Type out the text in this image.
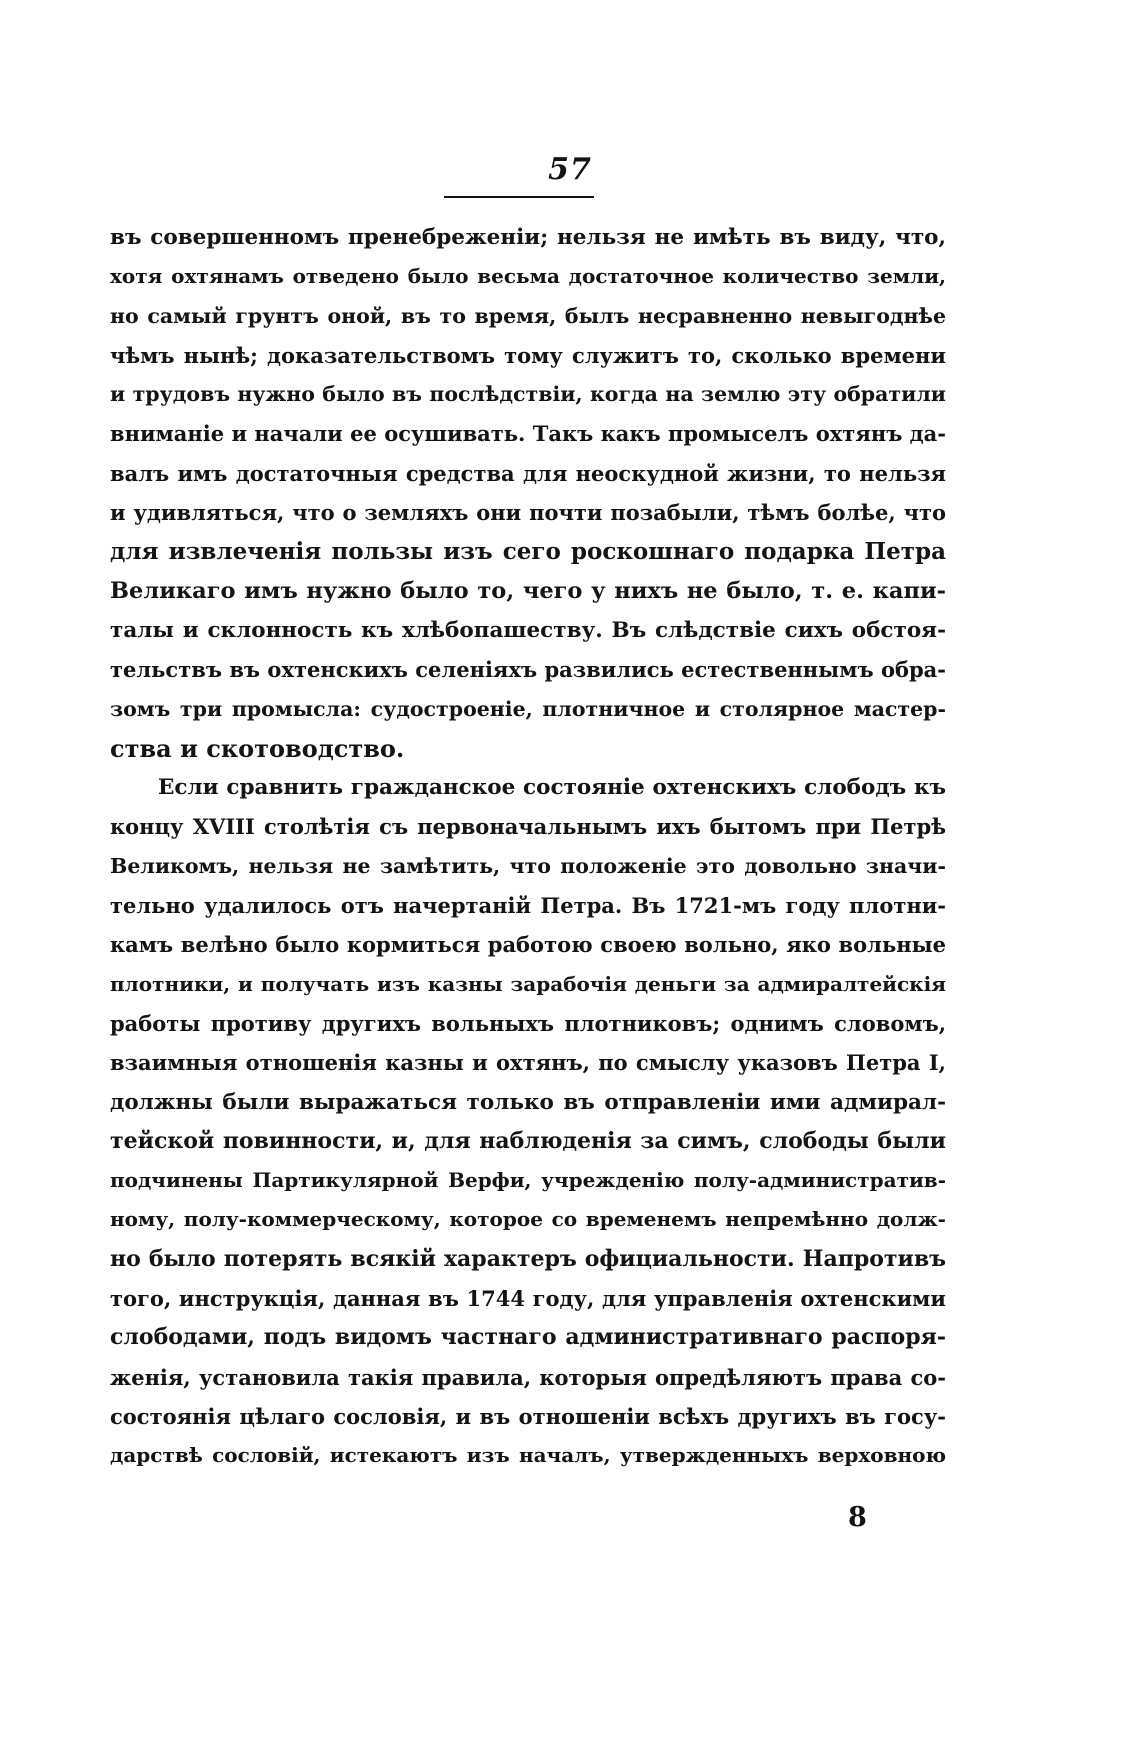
57
въ совершенномъ пренебреженіи; нельзя не имѣть въ виду, что,
хотя охтянамъ отведено было весьма достаточное количество земли,
но самый грунтъ оной, въ то время, былъ несравненно невыгоднѣе
чѣмъ нынѣ; доказательствомъ тому служитъ то, сколько времени
и трудовъ нужно было въ послѣдствіи, когда на землю эту обратили
вниманіе и начали ее осушивать. Такъ какъ промыселъ охтянъ да-
валъ имъ достаточныя средства для неоскудной жизни, то нельзя
и удивляться, что о земляхъ они почти позабыли, тѣмъ болѣе, что
для извлеченія пользы изъ сего роскошнаго подарка Петра
Великаго имъ нужно было то, чего у нихъ не было, т. е. капи-
талы и склонность къ хлѣбопашеству. Въ слѣдствіе сихъ обстоя-
тельствъ въ охтенскихъ селеніяхъ развились естественнымъ обра-
зомъ три промысла: судостроеніе, плотничное и столярное мастер-
ства и скотоводство.
Если сравнить гражданское состояніе охтенскихъ слободъ къ
концу XVIII столѣтія съ первоначальнымъ ихъ бытомъ при Петрѣ
Великомъ, нельзя не замѣтить, что положеніе это довольно значи-
тельно удалилось отъ начертаній Петра. Въ 1721-мъ году плотни-
камъ велѣно было кормиться работою своею вольно, яко вольные
плотники, и получать изъ казны зарабочія деньги за адмиралтейскія
работы противу другихъ вольныхъ плотниковъ; однимъ словомъ,
взаимныя отношенія казны и охтянъ, по смыслу указовъ Петра I,
должны были выражаться только въ отправленіи ими адмирал-
тейской повинности, и, для наблюденія за симъ, слободы были
подчинены Партикулярной Верфи, учрежденію полу-административ-
ному, полу-коммерческому, которое со временемъ непремѣнно долж-
но было потерять всякій характеръ официальности. Напротивъ
того, инструкція, данная въ 1744 году, для управленія охтенскими
слободами, подъ видомъ частнаго административнаго распоря-
женія, установила такія правила, которыя опредѣляютъ права со-
состоянія цѣлаго сословія, и въ отношеніи всѣхъ другихъ въ госу-
дарствѣ сословій, истекаютъ изъ началъ, утвержденныхъ верховною
8
